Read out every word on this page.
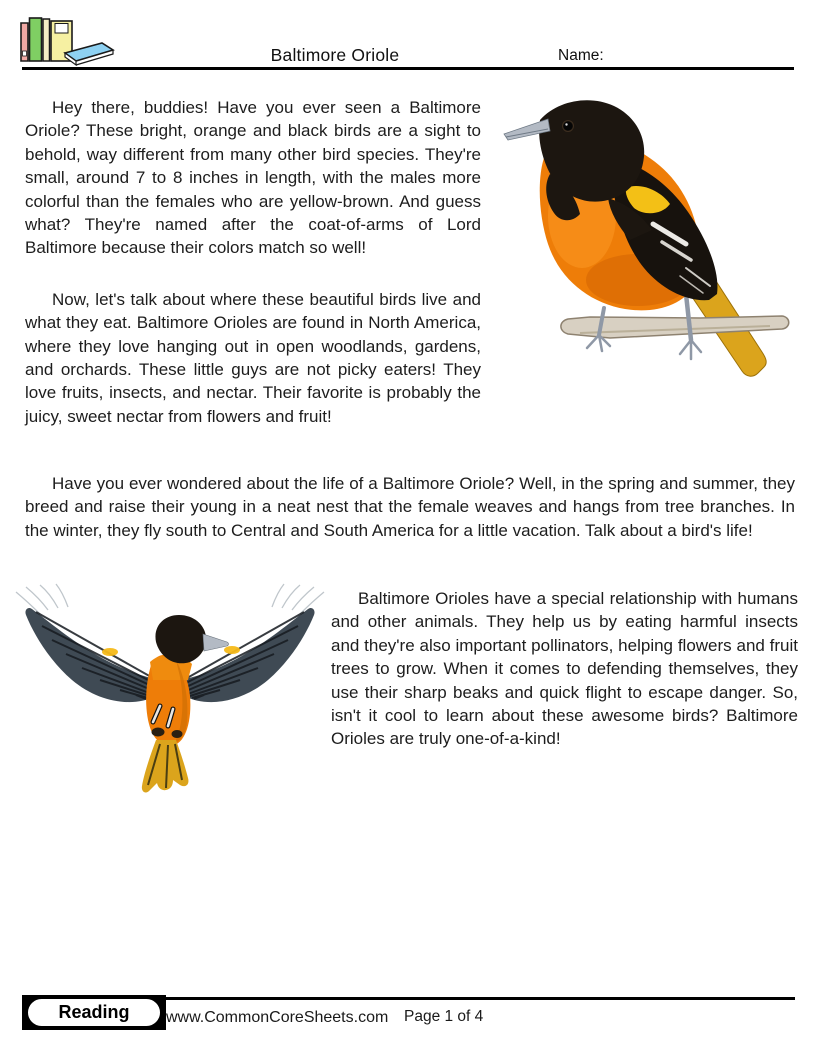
Baltimore Oriole	Name:

Hey there, buddies! Have you ever seen a Baltimore Oriole? These bright, orange and black birds are a sight to behold, way different from many other bird species. They're small, around 7 to 8 inches in length, with the males more colorful than the females who are yellow-brown. And guess what? They're named after the coat-of-arms of Lord Baltimore because their colors match so well!

Now, let's talk about where these beautiful birds live and what they eat. Baltimore Orioles are found in North America, where they love hanging out in open woodlands, gardens, and orchards. These little guys are not picky eaters! They love fruits, insects, and nectar. Their favorite is probably the juicy, sweet nectar from flowers and fruit!

Have you ever wondered about the life of a Baltimore Oriole? Well, in the spring and summer, they breed and raise their young in a neat nest that the female weaves and hangs from tree branches. In the winter, they fly south to Central and South America for a little vacation. Talk about a bird's life!

Baltimore Orioles have a special relationship with humans and other animals. They help us by eating harmful insects and they're also important pollinators, helping flowers and fruit trees to grow. When it comes to defending themselves, they use their sharp beaks and quick flight to escape danger. So, isn't it cool to learn about these awesome birds? Baltimore Orioles are truly one-of-a-kind!

Reading www.CommonCoreSheets.com Page 1 of 4
